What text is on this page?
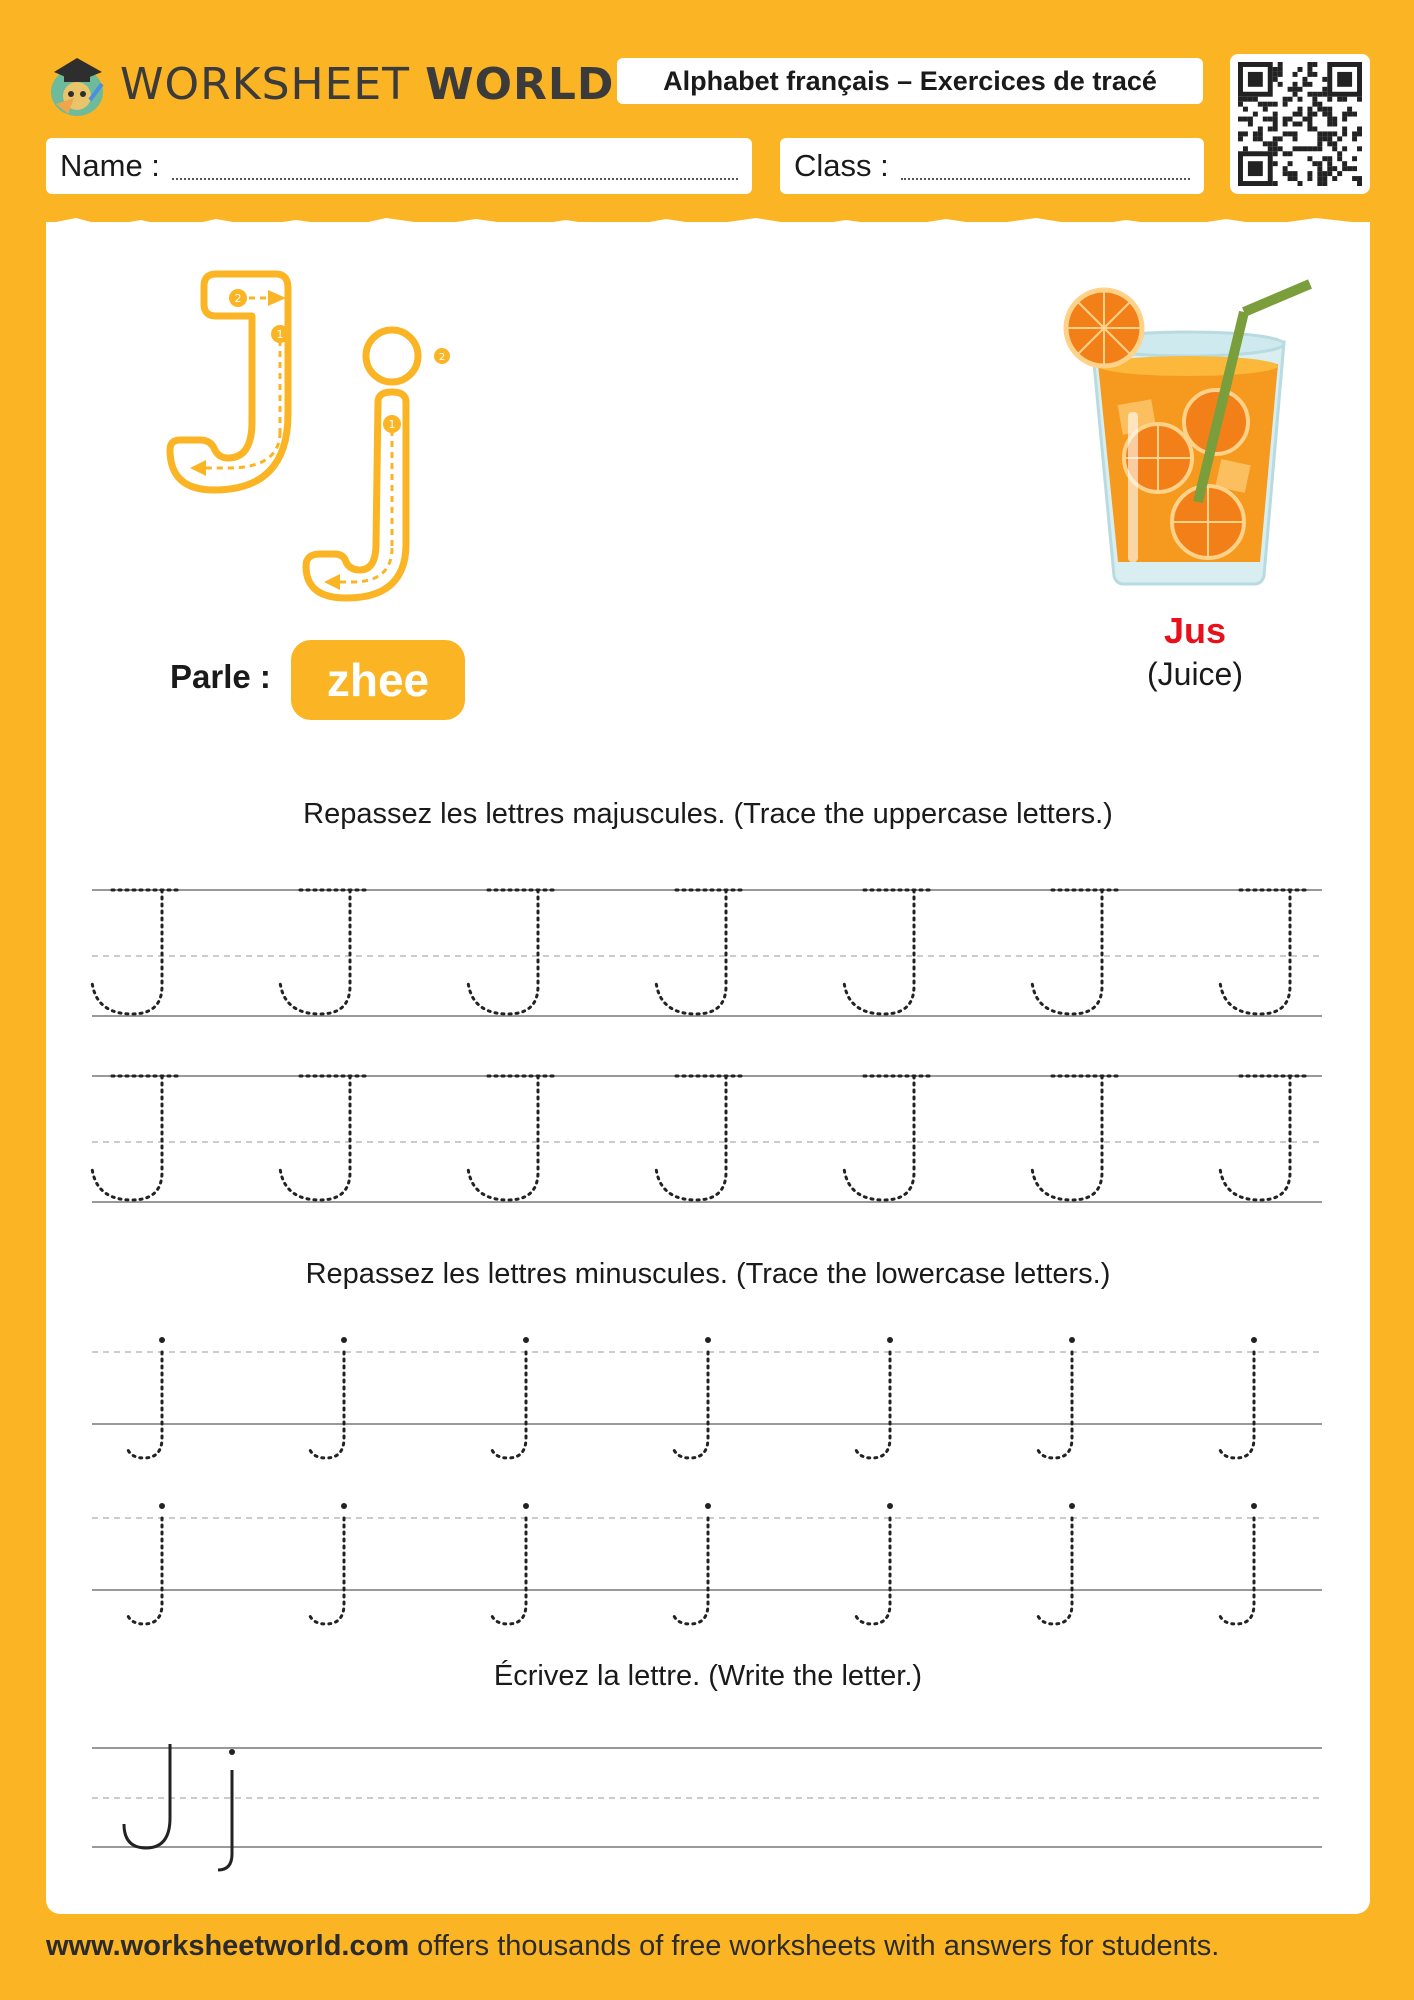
WORKSHEET WORLD	Alphabet français – Exercices de tracé
Name :	Class :
2
1
2
1
Parle :	zhee
Jus
(Juice)
Repassez les lettres majuscules. (Trace the uppercase letters.)
Repassez les lettres minuscules. (Trace the lowercase letters.)
Écrivez la lettre. (Write the letter.)
www.worksheetworld.com offers thousands of free worksheets with answers for students.
